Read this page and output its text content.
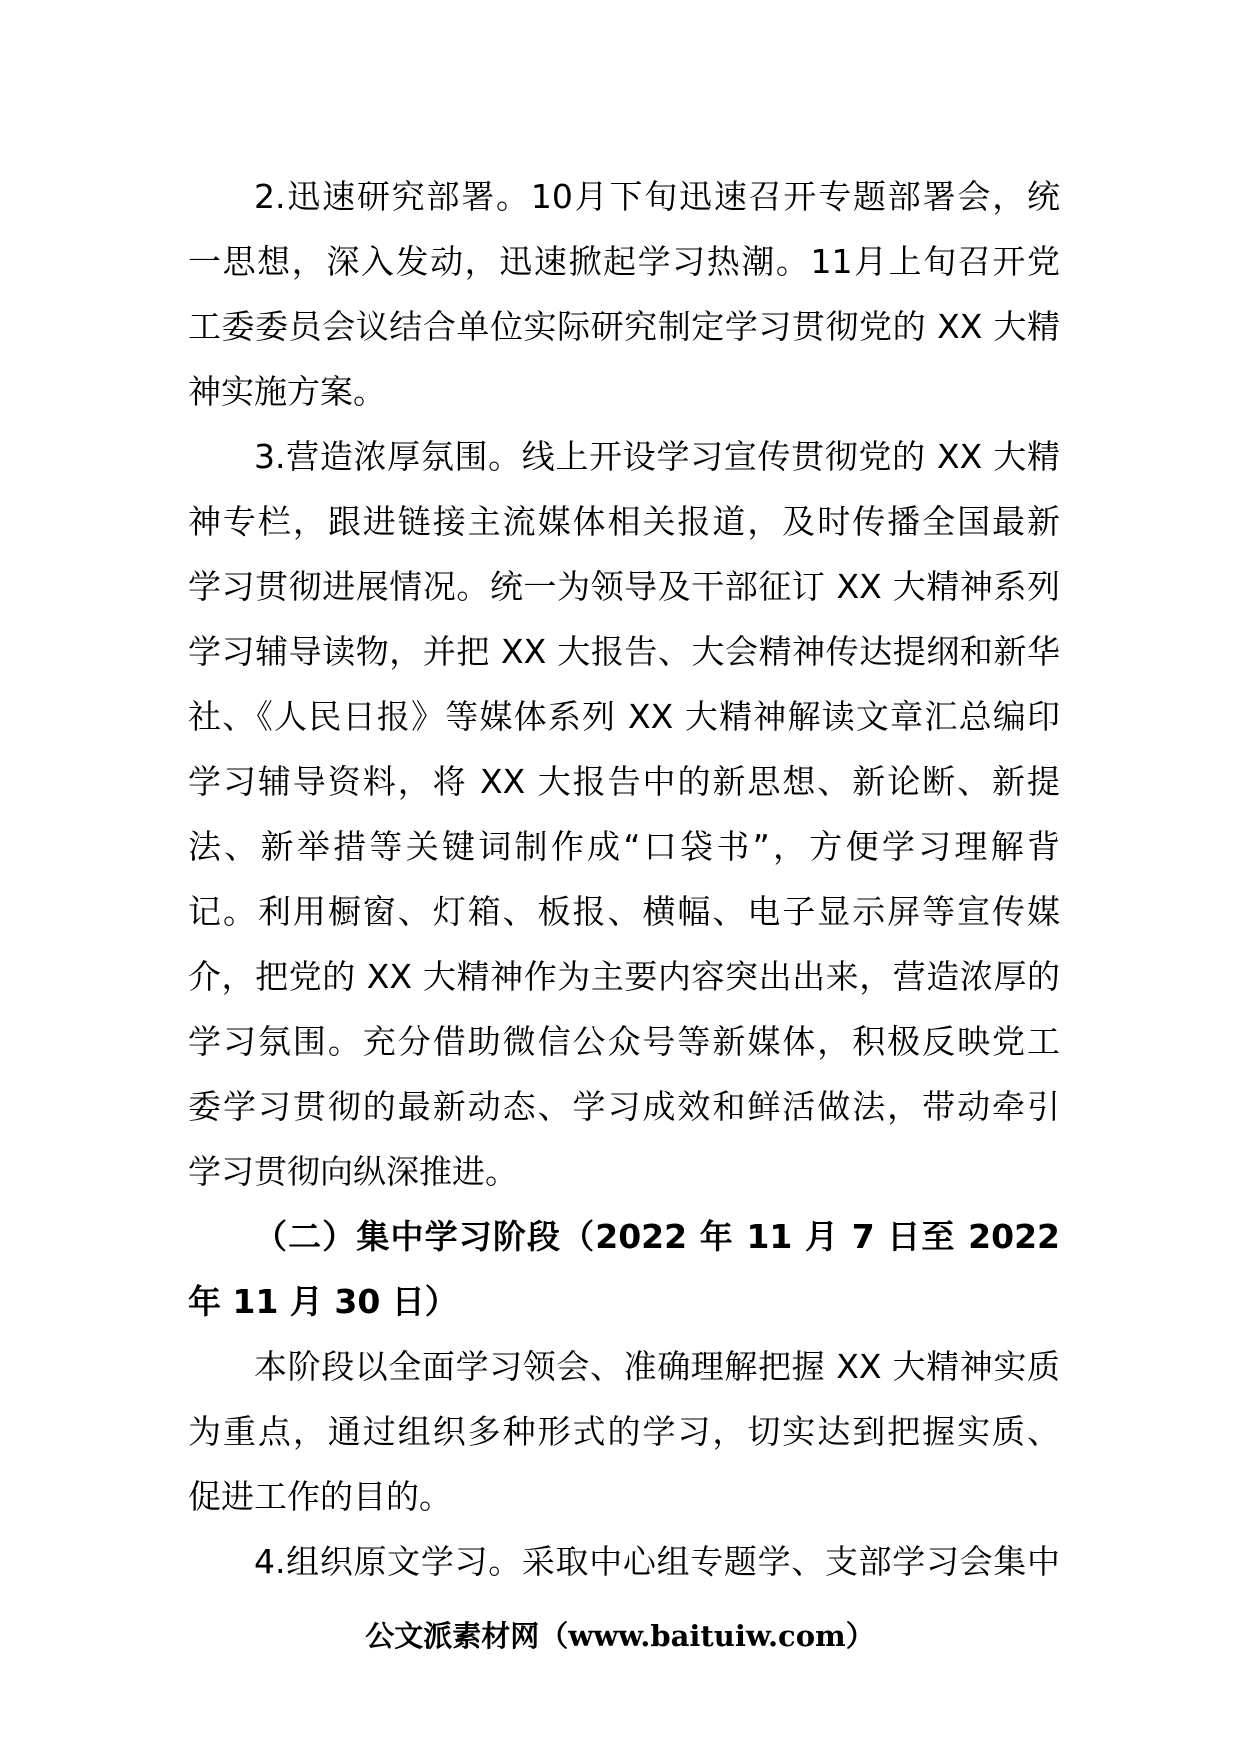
2.迅速研究部署。10月下旬迅速召开专题部署会，统
一思想，深入发动，迅速掀起学习热潮。11月上旬召开党
工委委员会议结合单位实际研究制定学习贯彻党的 XX 大精
神实施方案。
3.营造浓厚氛围。线上开设学习宣传贯彻党的 XX 大精
神专栏，跟进链接主流媒体相关报道，及时传播全国最新
学习贯彻进展情况。统一为领导及干部征订 XX 大精神系列
学习辅导读物，并把 XX 大报告、大会精神传达提纲和新华
社、《人民日报》等媒体系列 XX 大精神解读文章汇总编印
学习辅导资料，将 XX 大报告中的新思想、新论断、新提
法、新举措等关键词制作成“口袋书”，方便学习理解背
记。利用橱窗、灯箱、板报、横幅、电子显示屏等宣传媒
介，把党的 XX 大精神作为主要内容突出出来，营造浓厚的
学习氛围。充分借助微信公众号等新媒体，积极反映党工
委学习贯彻的最新动态、学习成效和鲜活做法，带动牵引
学习贯彻向纵深推进。
（二）集中学习阶段（2022 年 11 月 7 日至 2022
年 11 月 30 日）
本阶段以全面学习领会、准确理解把握 XX 大精神实质
为重点，通过组织多种形式的学习，切实达到把握实质、
促进工作的目的。
4.组织原文学习。采取中心组专题学、支部学习会集中
公文派素材网（www.baituiw.com）
